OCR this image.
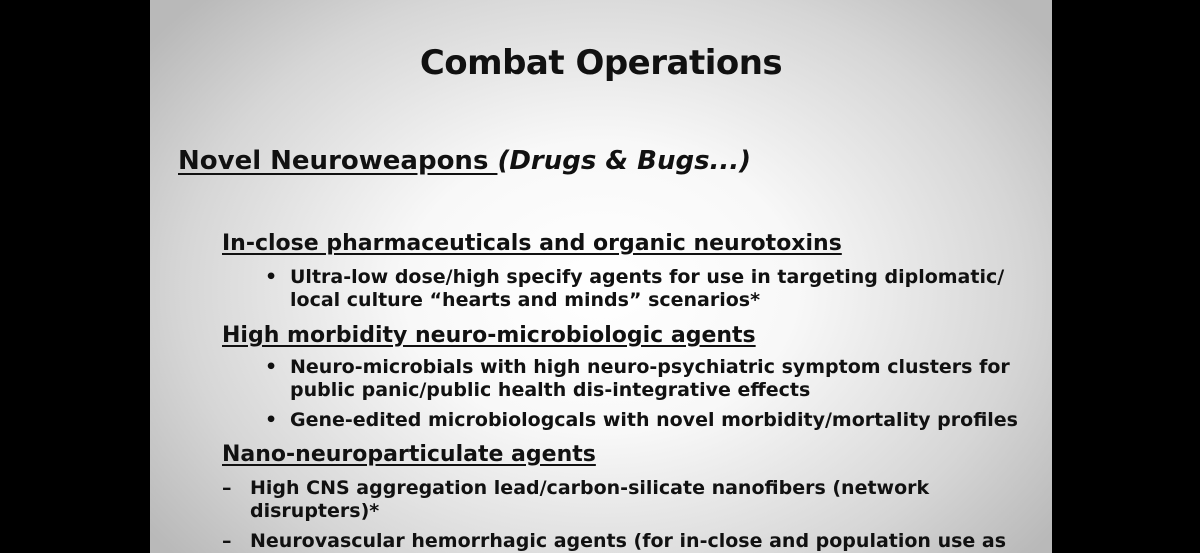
Combat Operations
Novel Neuroweapons (Drugs & Bugs...)
In-close pharmaceuticals and organic neurotoxins
• Ultra-low dose/high specify agents for use in targeting diplomatic/
local culture “hearts and minds” scenarios*
High morbidity neuro-microbiologic agents
• Neuro-microbials with high neuro-psychiatric symptom clusters for
public panic/public health dis-integrative effects
• Gene-edited microbiologcals with novel morbidity/mortality profiles
Nano-neuroparticulate agents
– High CNS aggregation lead/carbon-silicate nanofibers (network
disrupters)*
– Neurovascular hemorrhagic agents (for in-close and population use as
